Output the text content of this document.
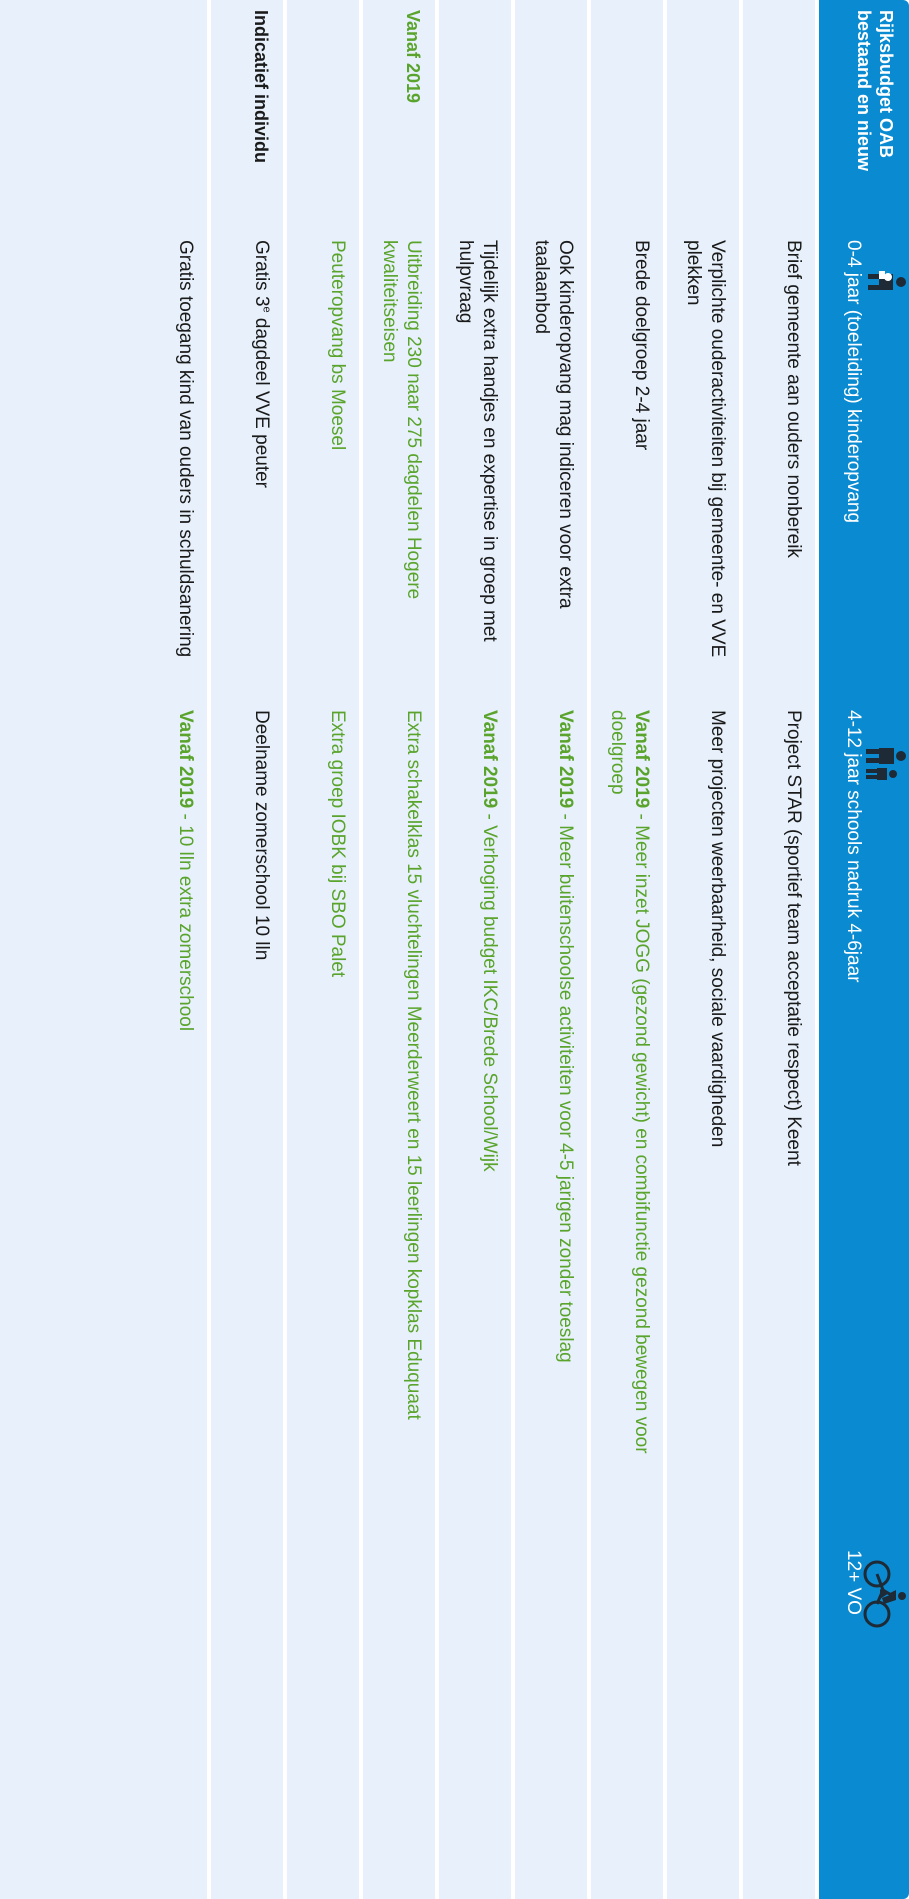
Rijksbudget OAB
bestaand en nieuw
0-4 jaar (toeleiding) kinderopvang
4-12 jaar schools nadruk 4-6jaar
12+ VO
Brief gemeente aan ouders nonbereik
Project STAR (sportief team acceptatie respect) Keent
Verplichte ouderactiviteiten bij gemeente- en VVE plekken
Meer projecten weerbaarheid, sociale vaardigheden
Brede doelgroep 2-4 jaar
Vanaf 2019 - Meer inzet JOGG (gezond gewicht) en combifunctie gezond bewegen voor doelgroep
Ook kinderopvang mag indiceren voor extra taalaanbod
Vanaf 2019 - Meer buitenschoolse activiteiten voor 4-5 jarigen zonder toeslag
Tijdelijk extra handjes en expertise in groep met hulpvraag
Vanaf 2019 - Verhoging budget IKC/Brede School/Wijk
Vanaf 2019
Uitbreiding 230 naar 275 dagdelen Hogere kwaliteitseisen
Extra schakelklas 15 vluchtelingen Meerderweert en 15 leerlingen kopklas Eduquaat
Peuteropvang bs Moesel
Extra groep IOBK bij SBO Palet
Indicatief individu
Gratis 3e dagdeel VVE peuter
Deelname zomerschool 10 lln
Gratis toegang kind van ouders in schuldsanering
Vanaf 2019 - 10 lln extra zomerschool
